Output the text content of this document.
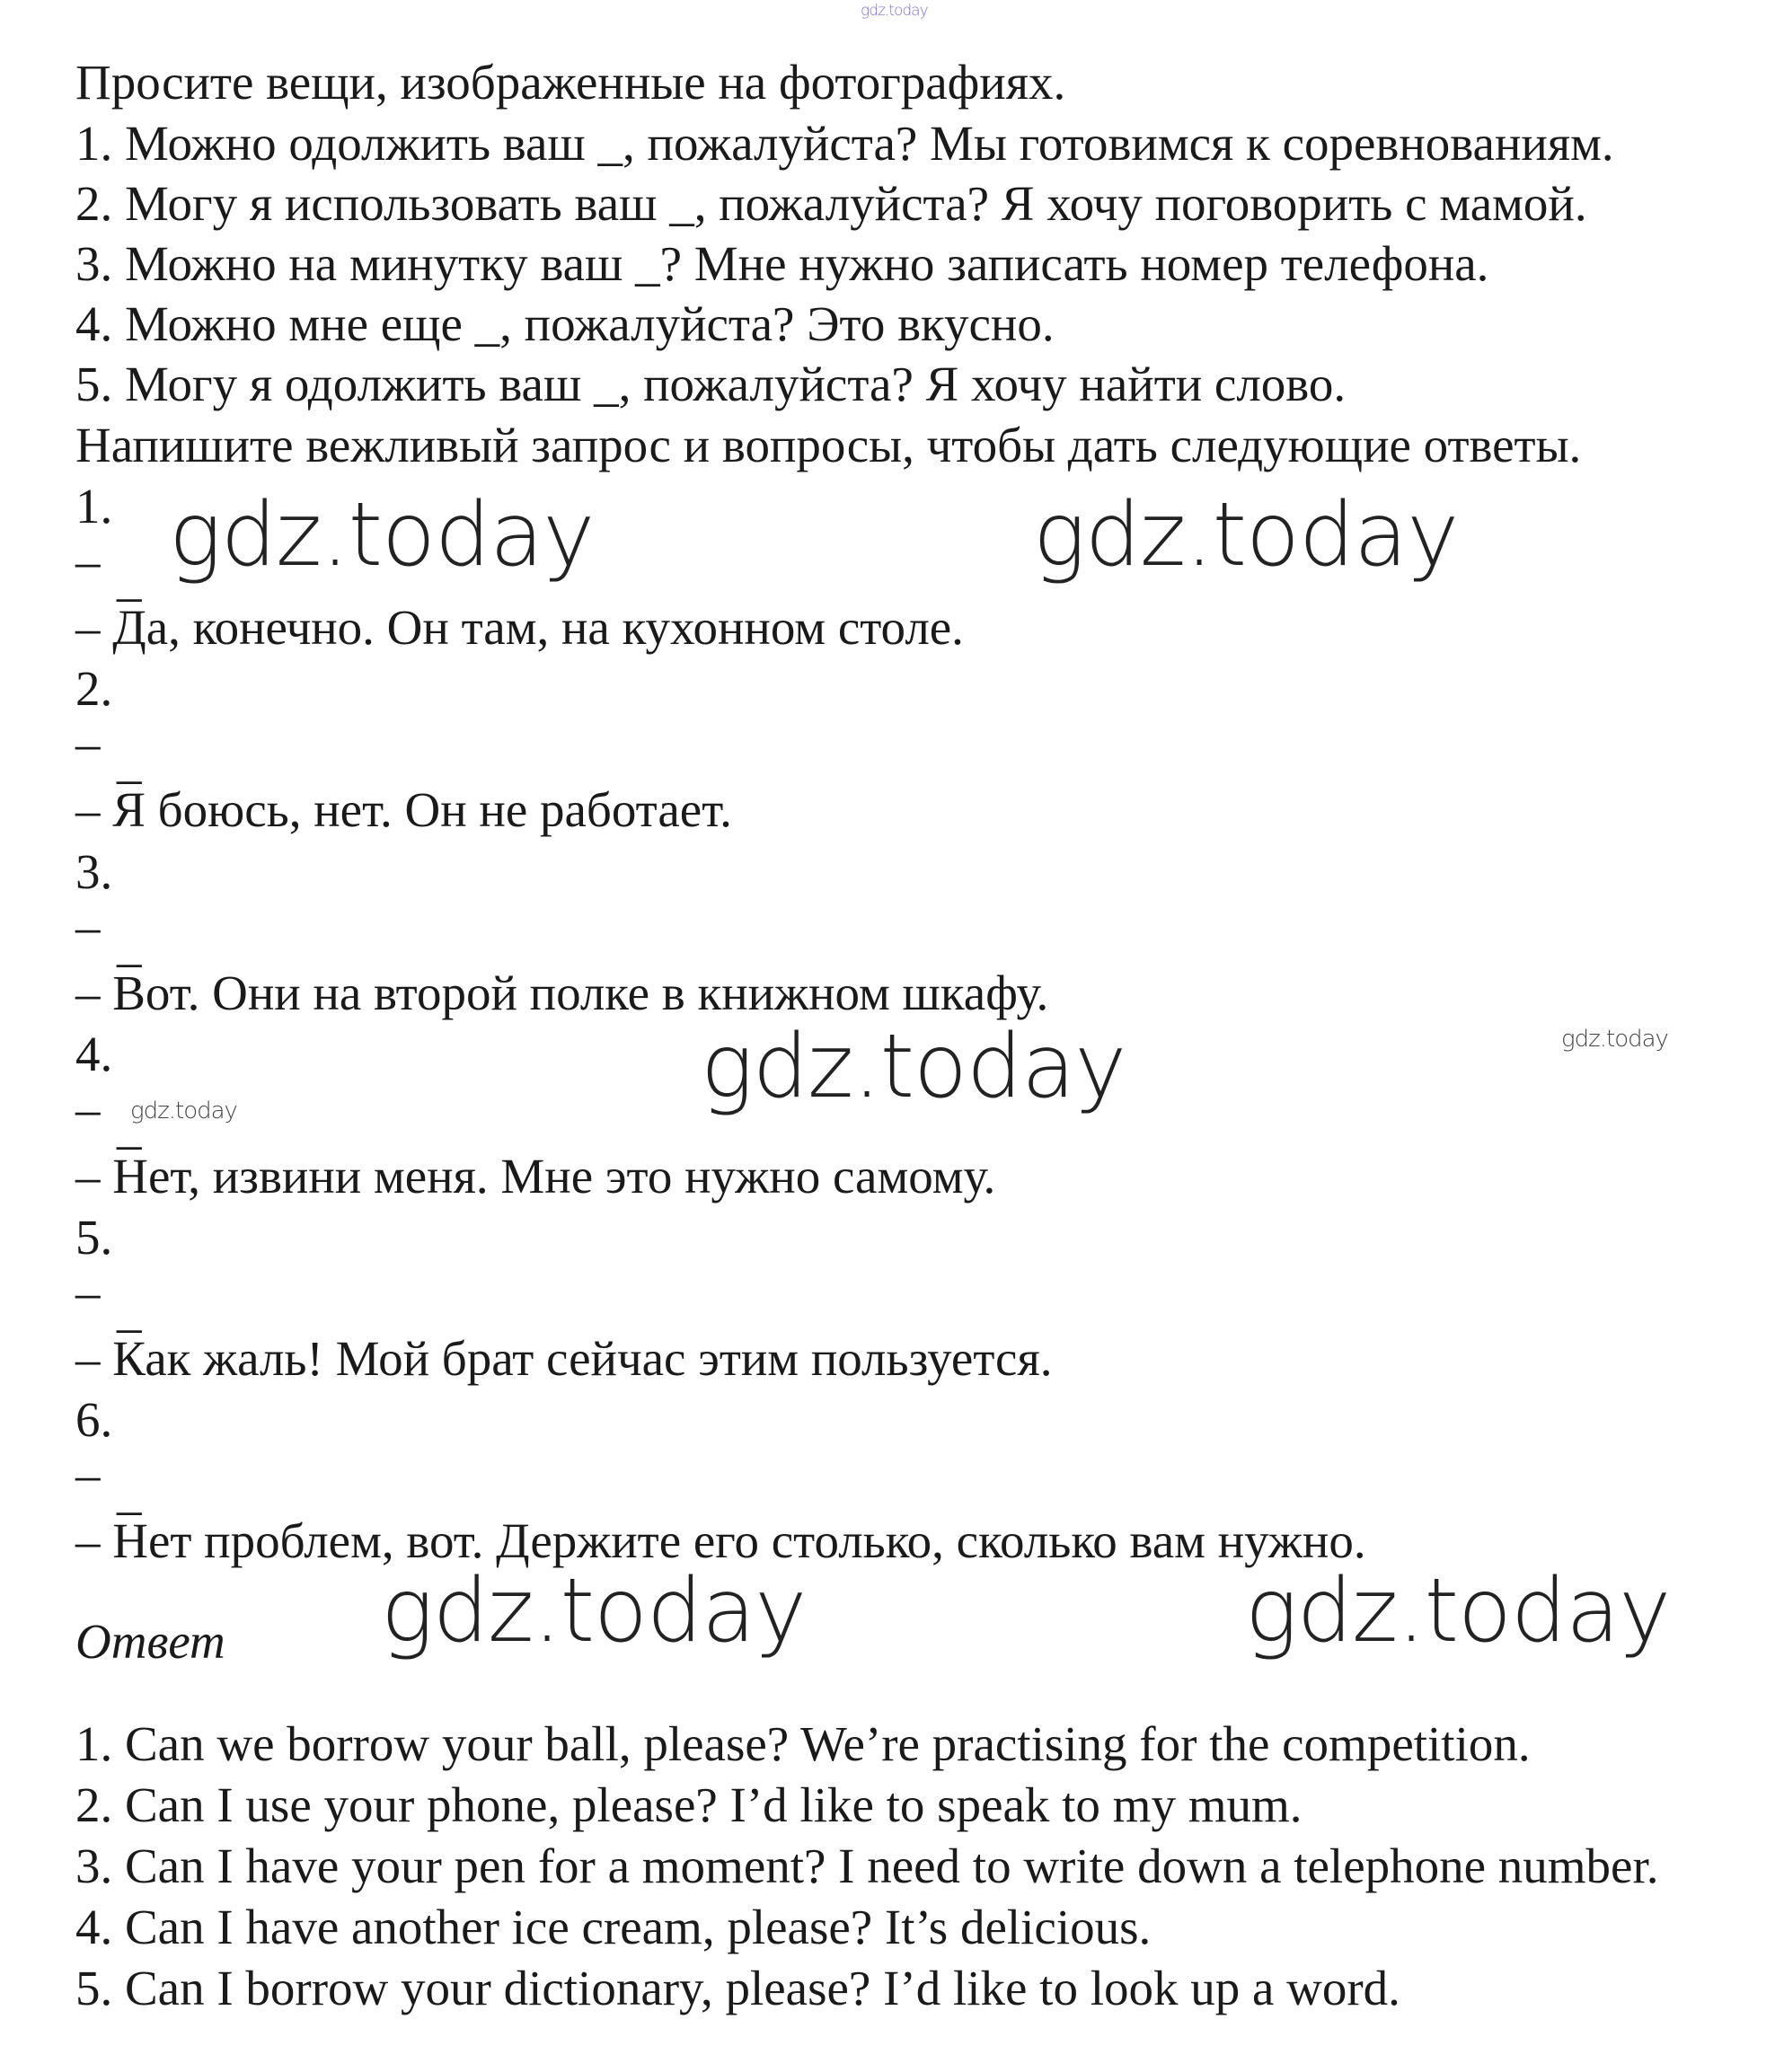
gdz.today

Просите вещи, изображенные на фотографиях.

1. Можно одолжить ваш _, пожалуйста? Мы готовимся к соревнованиям.

2. Могу я использовать ваш _, пожалуйста? Я хочу поговорить с мамой.

3. Можно на минутку ваш _? Мне нужно записать номер телефона.

4. Можно мне еще _, пожалуйста? Это вкусно.

5. Могу я одолжить ваш _, пожалуйста? Я хочу найти слово.

Напишите вежливый запрос и вопросы, чтобы дать следующие ответы.

1.

– _

– Да, конечно. Он там, на кухонном столе.

2.

– _

– Я боюсь, нет. Он не работает.

3.

– _

– Вот. Они на второй полке в книжном шкафу.

4.

– _

– Нет, извини меня. Мне это нужно самому.

5.

– _

– Как жаль! Мой брат сейчас этим пользуется.

6.

– _

– Нет проблем, вот. Держите его столько, сколько вам нужно.

Ответ

1. Can we borrow your ball, please? We’re practising for the competition.

2. Can I use your phone, please? I’d like to speak to my mum.

3. Can I have your pen for a moment? I need to write down a telephone number.

4. Can I have another ice cream, please? It’s delicious.

5. Can I borrow your dictionary, please? I’d like to look up a word.

gdz.today	gdz.today
gdz.today	gdz.today
gdz.today
gdz.today	gdz.today
